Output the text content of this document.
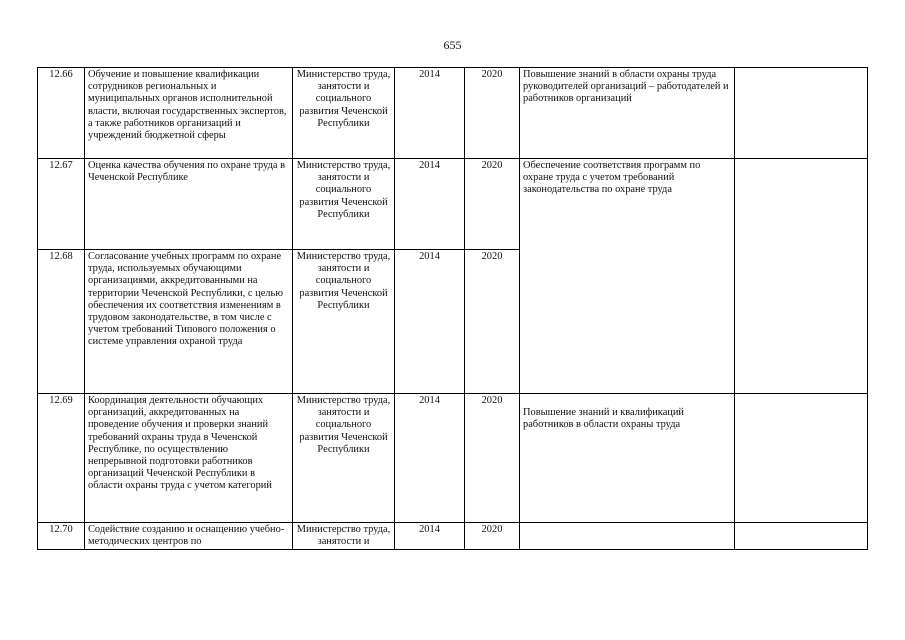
655
12.66	Обучение и повышение квалификации сотрудников региональных и муниципальных органов исполнительной власти, включая государственных экспертов, а также работников организаций и учреждений бюджетной сферы	Министерство труда, занятости и социального развития Чеченской Республики	2014	2020	Повышение знаний в области охраны труда руководителей организаций – работодателей и работников организаций	
12.67	Оценка качества обучения по охране труда в Чеченской Республике	Министерство труда, занятости и социального развития Чеченской Республики	2014	2020	Обеспечение соответствия программ по охране труда с учетом требований законодательства по охране труда	
12.68	Согласование учебных программ по охране труда, используемых обучающими организациями, аккредитованными на территории Чеченской Республики, с целью обеспечения их соответствия изменениям в трудовом законодательстве, в том числе с учетом требований Типового положения о системе управления охраной труда	Министерство труда, занятости и социального развития Чеченской Республики	2014	2020		
12.69	Координация деятельности обучающих организаций, аккредитованных на проведение обучения и проверки знаний требований охраны труда в Чеченской Республике, по осуществлению непрерывной подготовки работников организаций Чеченской Республики в области охраны труда с учетом категорий	Министерство труда, занятости и социального развития Чеченской Республики	2014	2020	Повышение знаний и квалификаций работников в области охраны труда	

12.70	Содействие созданию и оснащению учебно-методических центров по	Министерство труда, занятости и	2014	2020		
